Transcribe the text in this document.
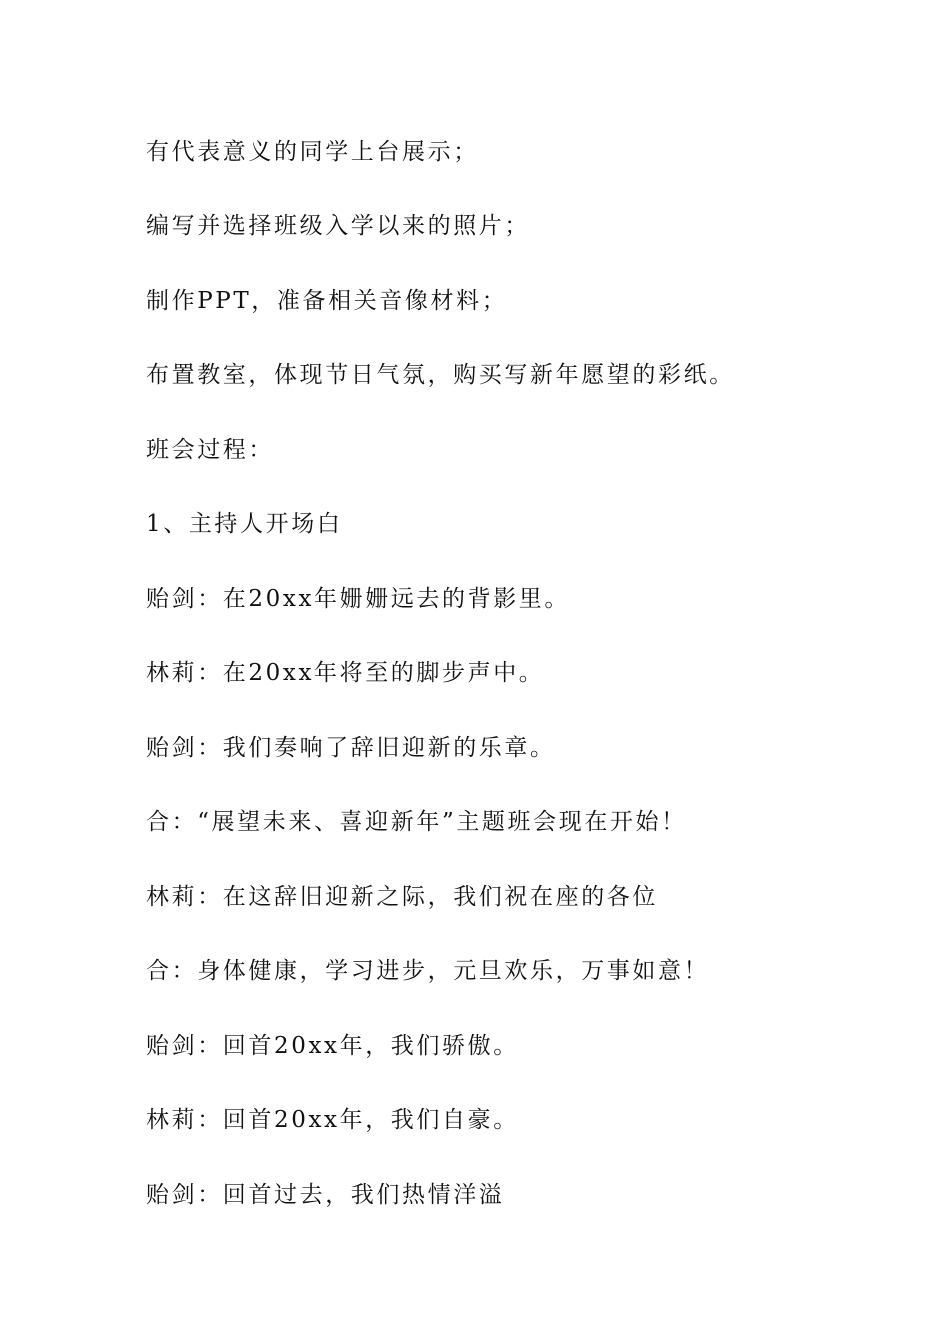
有代表意义的同学上台展示；

编写并选择班级入学以来的照片；

制作PPT，准备相关音像材料；

布置教室，体现节日气氛，购买写新年愿望的彩纸。

班会过程：

1、主持人开场白

贻剑：在20xx年姗姗远去的背影里。

林莉：在20xx年将至的脚步声中。

贻剑：我们奏响了辞旧迎新的乐章。

合：“展望未来、喜迎新年”主题班会现在开始！

林莉：在这辞旧迎新之际，我们祝在座的各位

合：身体健康，学习进步，元旦欢乐，万事如意！

贻剑：回首20xx年，我们骄傲。

林莉：回首20xx年，我们自豪。

贻剑：回首过去，我们热情洋溢
